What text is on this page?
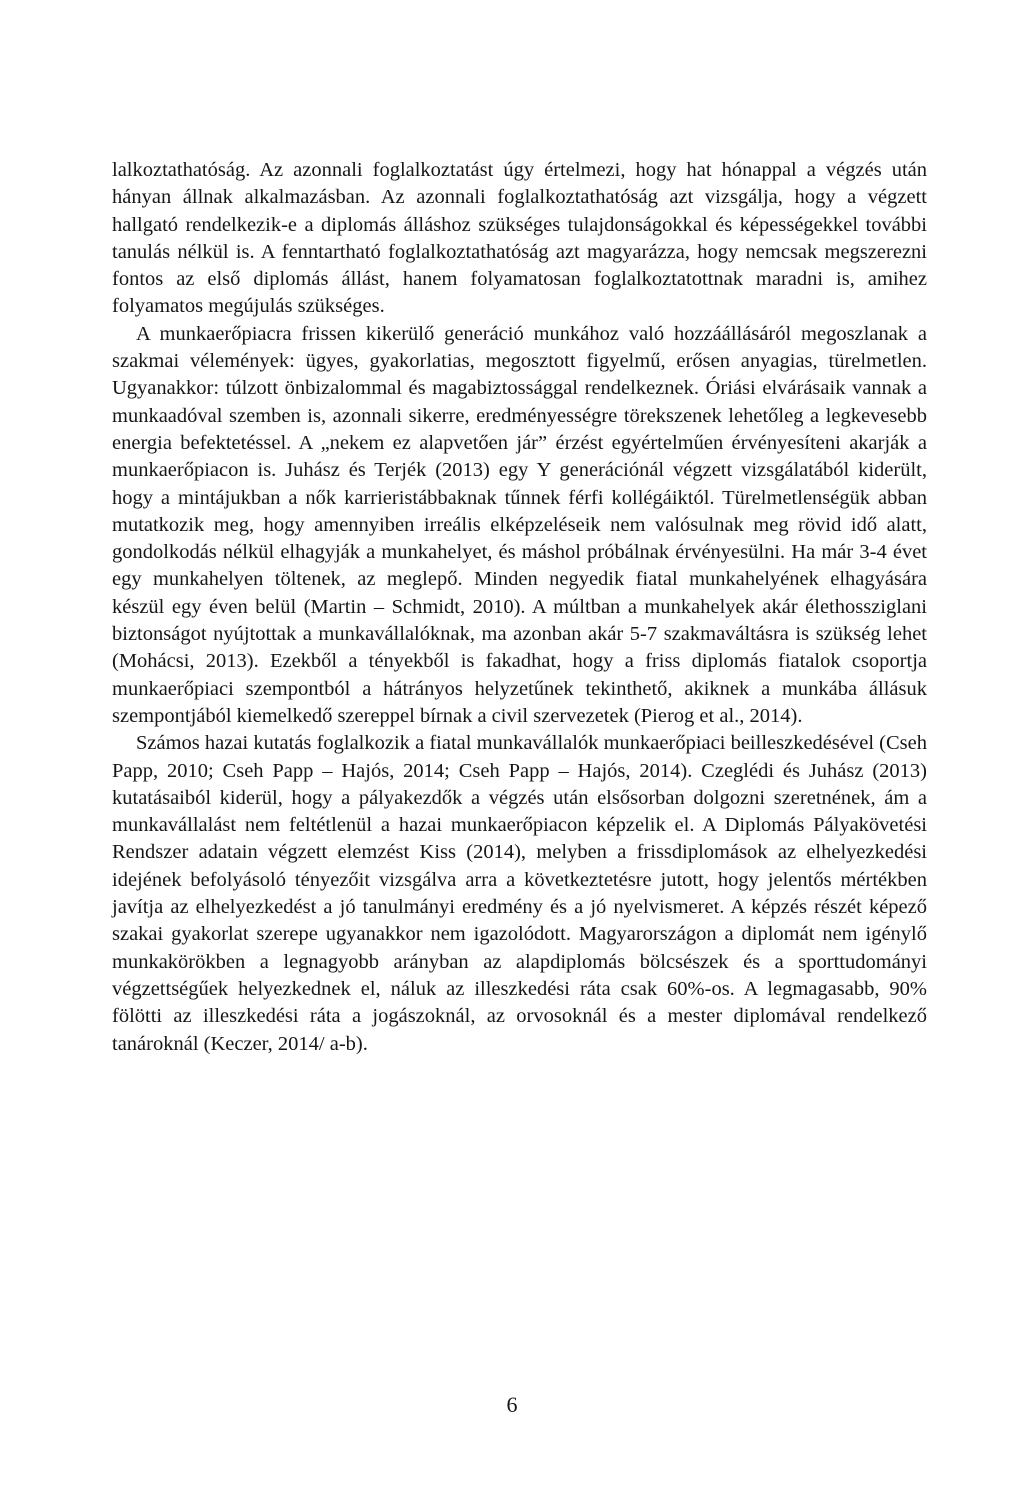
lalkoztathatóság. Az azonnali foglalkoztatást úgy értelmezi, hogy hat hónappal a végzés után hányan állnak alkalmazásban. Az azonnali foglalkoztathatóság azt vizsgálja, hogy a végzett hallgató rendelkezik-e a diplomás álláshoz szükséges tulajdonságokkal és képességekkel további tanulás nélkül is. A fenntartható foglalkoztathatóság azt magyarázza, hogy nemcsak megszerezni fontos az első diplomás állást, hanem folyamatosan foglalkoztatottnak maradni is, amihez folyamatos megújulás szükséges.

A munkaerőpiacra frissen kikerülő generáció munkához való hozzáállásáról megoszlanak a szakmai vélemények: ügyes, gyakorlatias, megosztott figyelmű, erősen anyagias, türelmetlen. Ugyanakkor: túlzott önbizalommal és magabiztossággal rendelkeznek. Óriási elvárásaik vannak a munkaadóval szemben is, azonnali sikerre, eredményességre törekszenek lehetőleg a legkevesebb energia befektetéssel. A „nekem ez alapvetően jár” érzést egyértelműen érvényesíteni akarják a munkaerőpiacon is. Juhász és Terjék (2013) egy Y generációnál végzett vizsgálatából kiderült, hogy a mintájukban a nők karrieristábbaknak tűnnek férfi kollégáiktól. Türelmetlenségük abban mutatkozik meg, hogy amennyiben irreális elképzeléseik nem valósulnak meg rövid idő alatt, gondolkodás nélkül elhagyják a munkahelyet, és máshol próbálnak érvényesülni. Ha már 3-4 évet egy munkahelyen töltenek, az meglepő. Minden negyedik fiatal munkahelyének elhagyására készül egy éven belül (Martin – Schmidt, 2010). A múltban a munkahelyek akár élethossziglani biztonságot nyújtottak a munkavállalóknak, ma azonban akár 5-7 szakmaváltásra is szükség lehet (Mohácsi, 2013). Ezekből a tényekből is fakadhat, hogy a friss diplomás fiatalok csoportja munkaerőpiaci szempontból a hátrányos helyzetűnek tekinthető, akiknek a munkába állásuk szempontjából kiemelkedő szereppel bírnak a civil szervezetek (Pierog et al., 2014).

Számos hazai kutatás foglalkozik a fiatal munkavállalók munkaerőpiaci beilleszkedésével (Cseh Papp, 2010; Cseh Papp – Hajós, 2014; Cseh Papp – Hajós, 2014). Czeglédi és Juhász (2013) kutatásaiból kiderül, hogy a pályakezdők a végzés után elsősorban dolgozni szeretnének, ám a munkavállalást nem feltétlenül a hazai munkaerőpiacon képzelik el. A Diplomás Pályakövetési Rendszer adatain végzett elemzést Kiss (2014), melyben a frissdiplomások az elhelyezkedési idejének befolyásoló tényezőit vizsgálva arra a következtetésre jutott, hogy jelentős mértékben javítja az elhelyezkedést a jó tanulmányi eredmény és a jó nyelvismeret. A képzés részét képező szakai gyakorlat szerepe ugyanakkor nem igazolódott. Magyarországon a diplomát nem igénylő munkakörökben a legnagyobb arányban az alapdiplomás bölcsészek és a sporttudományi végzettségűek helyezkednek el, náluk az illeszkedési ráta csak 60%-os. A legmagasabb, 90% fölötti az illeszkedési ráta a jogászoknál, az orvosoknál és a mester diplomával rendelkező tanároknál (Keczer, 2014/ a-b).

6
